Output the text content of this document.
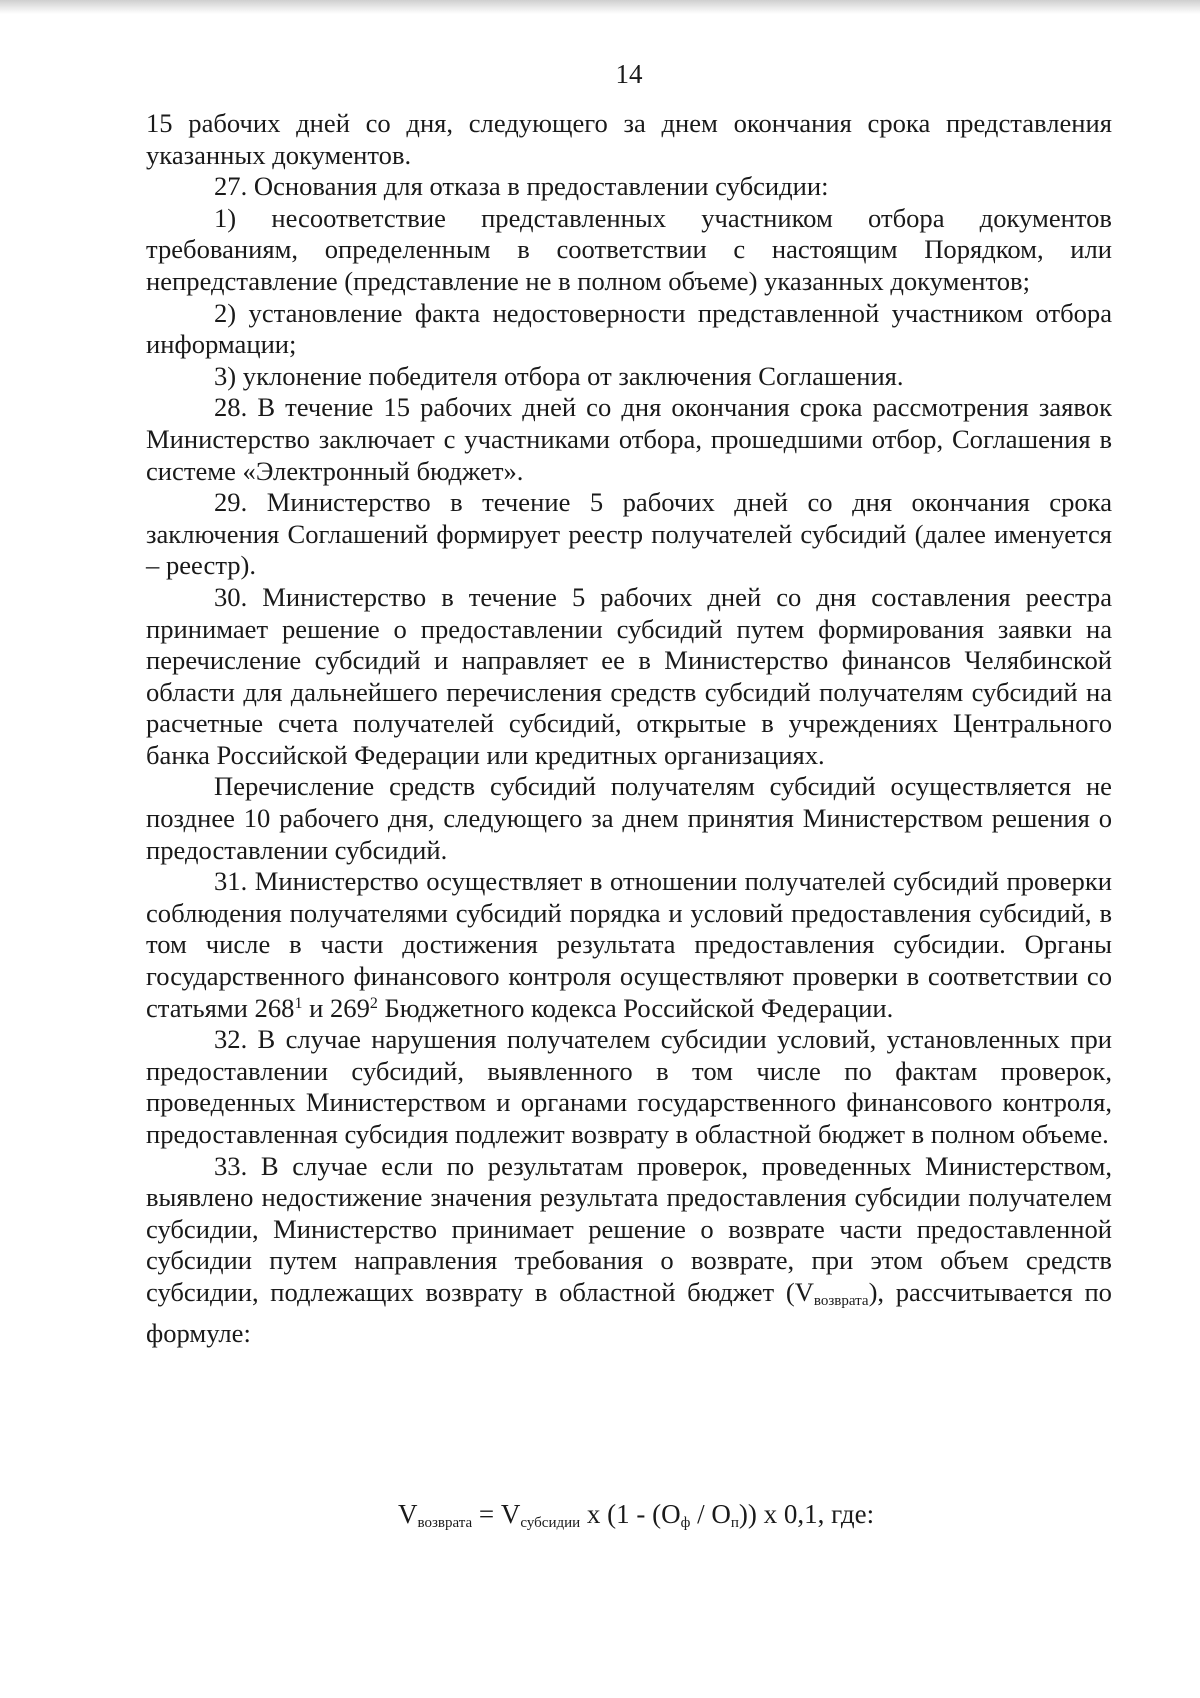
14

15 рабочих дней со дня, следующего за днем окончания срока представления указанных документов.

27. Основания для отказа в предоставлении субсидии:

1) несоответствие представленных участником отбора документов требованиям, определенным в соответствии с настоящим Порядком, или непредставление (представление не в полном объеме) указанных документов;

2) установление факта недостоверности представленной участником отбора информации;

3) уклонение победителя отбора от заключения Соглашения.

28. В течение 15 рабочих дней со дня окончания срока рассмотрения заявок Министерство заключает с участниками отбора, прошедшими отбор, Соглашения в системе «Электронный бюджет».

29. Министерство в течение 5 рабочих дней со дня окончания срока заключения Соглашений формирует реестр получателей субсидий (далее именуется – реестр).

30. Министерство в течение 5 рабочих дней со дня составления реестра принимает решение о предоставлении субсидий путем формирования заявки на перечисление субсидий и направляет ее в Министерство финансов Челябинской области для дальнейшего перечисления средств субсидий получателям субсидий на расчетные счета получателей субсидий, открытые в учреждениях Центрального банка Российской Федерации или кредитных организациях.

Перечисление средств субсидий получателям субсидий осуществляется не позднее 10 рабочего дня, следующего за днем принятия Министерством решения о предоставлении субсидий.

31. Министерство осуществляет в отношении получателей субсидий проверки соблюдения получателями субсидий порядка и условий предоставления субсидий, в том числе в части достижения результата предоставления субсидии. Органы государственного финансового контроля осуществляют проверки в соответствии со статьями $268^1$ и $269^2$ Бюджетного кодекса Российской Федерации.

32. В случае нарушения получателем субсидии условий, установленных при предоставлении субсидий, выявленного в том числе по фактам проверок, проведенных Министерством и органами государственного финансового контроля, предоставленная субсидия подлежит возврату в областной бюджет в полном объеме.

33. В случае если по результатам проверок, проведенных Министерством, выявлено недостижение значения результата предоставления субсидии получателем субсидии, Министерство принимает решение о возврате части предоставленной субсидии путем направления требования о возврате, при этом объем средств субсидии, подлежащих возврату в областной бюджет (Vвозврата), рассчитывается по формуле:

$V_{возврата} = V_{субсидии}$ х $(1 - (О_ф / О_п))$ х 0,1, где:
